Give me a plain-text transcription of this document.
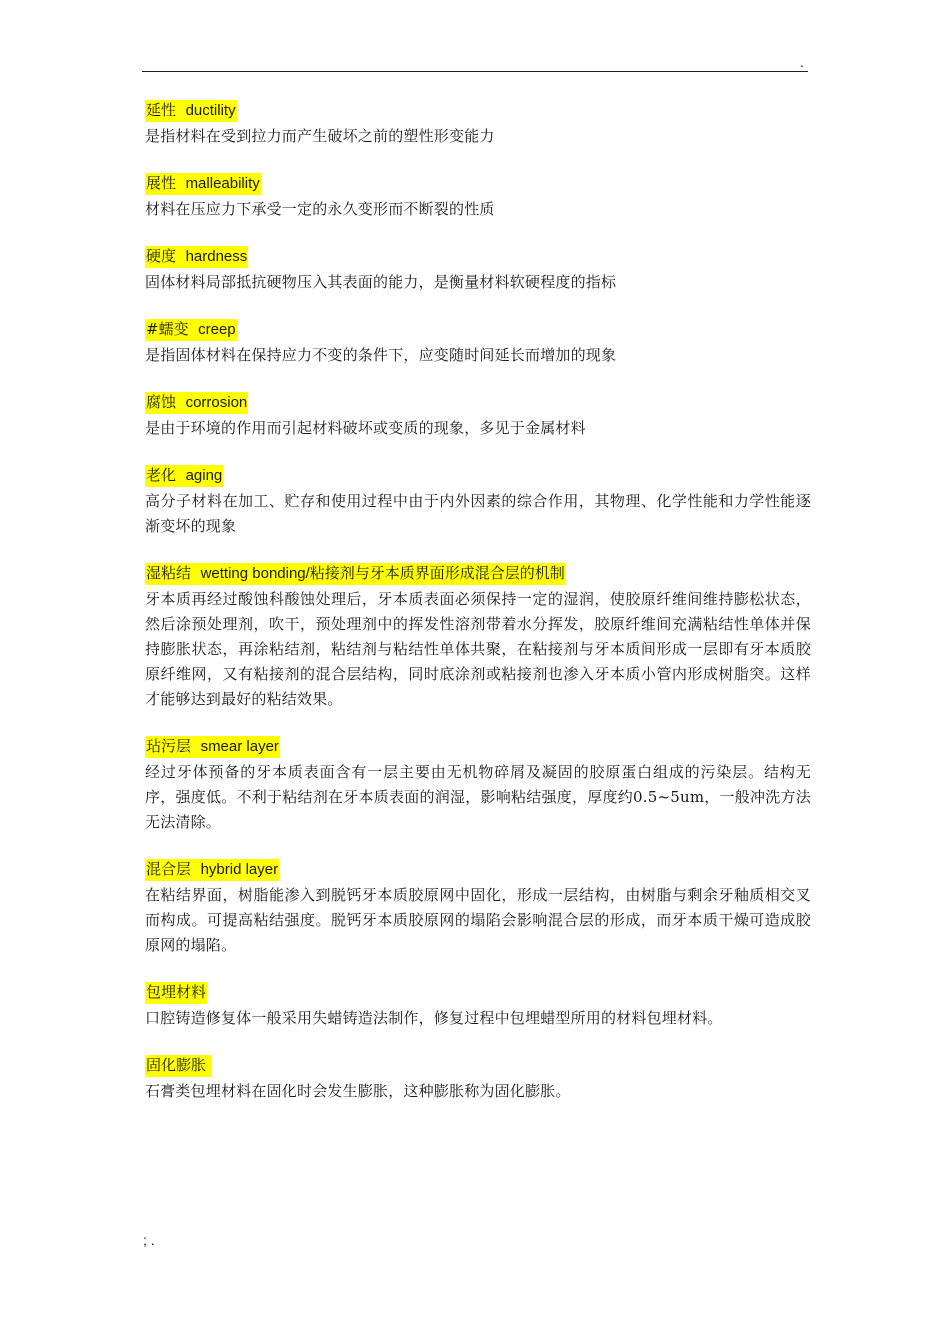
.
延性 ductility
是指材料在受到拉力而产生破坏之前的塑性形变能力
展性 malleability
材料在压应力下承受一定的永久变形而不断裂的性质
硬度 hardness
固体材料局部抵抗硬物压入其表面的能力，是衡量材料软硬程度的指标
#蠕变 creep
是指固体材料在保持应力不变的条件下，应变随时间延长而增加的现象
腐蚀 corrosion
是由于环境的作用而引起材料破坏或变质的现象，多见于金属材料
老化 aging
高分子材料在加工、贮存和使用过程中由于内外因素的综合作用，其物理、化学性能和力学性能逐渐变坏的现象
湿粘结 wetting bonding/粘接剂与牙本质界面形成混合层的机制
牙本质再经过酸蚀科酸蚀处理后，牙本质表面必须保持一定的湿润，使胶原纤维间维持膨松状态，然后涂预处理剂，吹干，预处理剂中的挥发性溶剂带着水分挥发，胶原纤维间充满粘结性单体并保持膨胀状态，再涂粘结剂，粘结剂与粘结性单体共聚，在粘接剂与牙本质间形成一层即有牙本质胶原纤维网，又有粘接剂的混合层结构，同时底涂剂或粘接剂也渗入牙本质小管内形成树脂突。这样才能够达到最好的粘结效果。
玷污层 smear layer
经过牙体预备的牙本质表面含有一层主要由无机物碎屑及凝固的胶原蛋白组成的污染层。结构无序，强度低。不利于粘结剂在牙本质表面的润湿，影响粘结强度，厚度约0.5~5um，一般冲洗方法无法清除。
混合层 hybrid layer
在粘结界面，树脂能渗入到脱钙牙本质胶原网中固化，形成一层结构，由树脂与剩余牙釉质相交叉而构成。可提高粘结强度。脱钙牙本质胶原网的塌陷会影响混合层的形成，而牙本质干燥可造成胶原网的塌陷。
包埋材料
口腔铸造修复体一般采用失蜡铸造法制作，修复过程中包埋蜡型所用的材料包埋材料。
固化膨胀
石膏类包埋材料在固化时会发生膨胀，这种膨胀称为固化膨胀。
; .
